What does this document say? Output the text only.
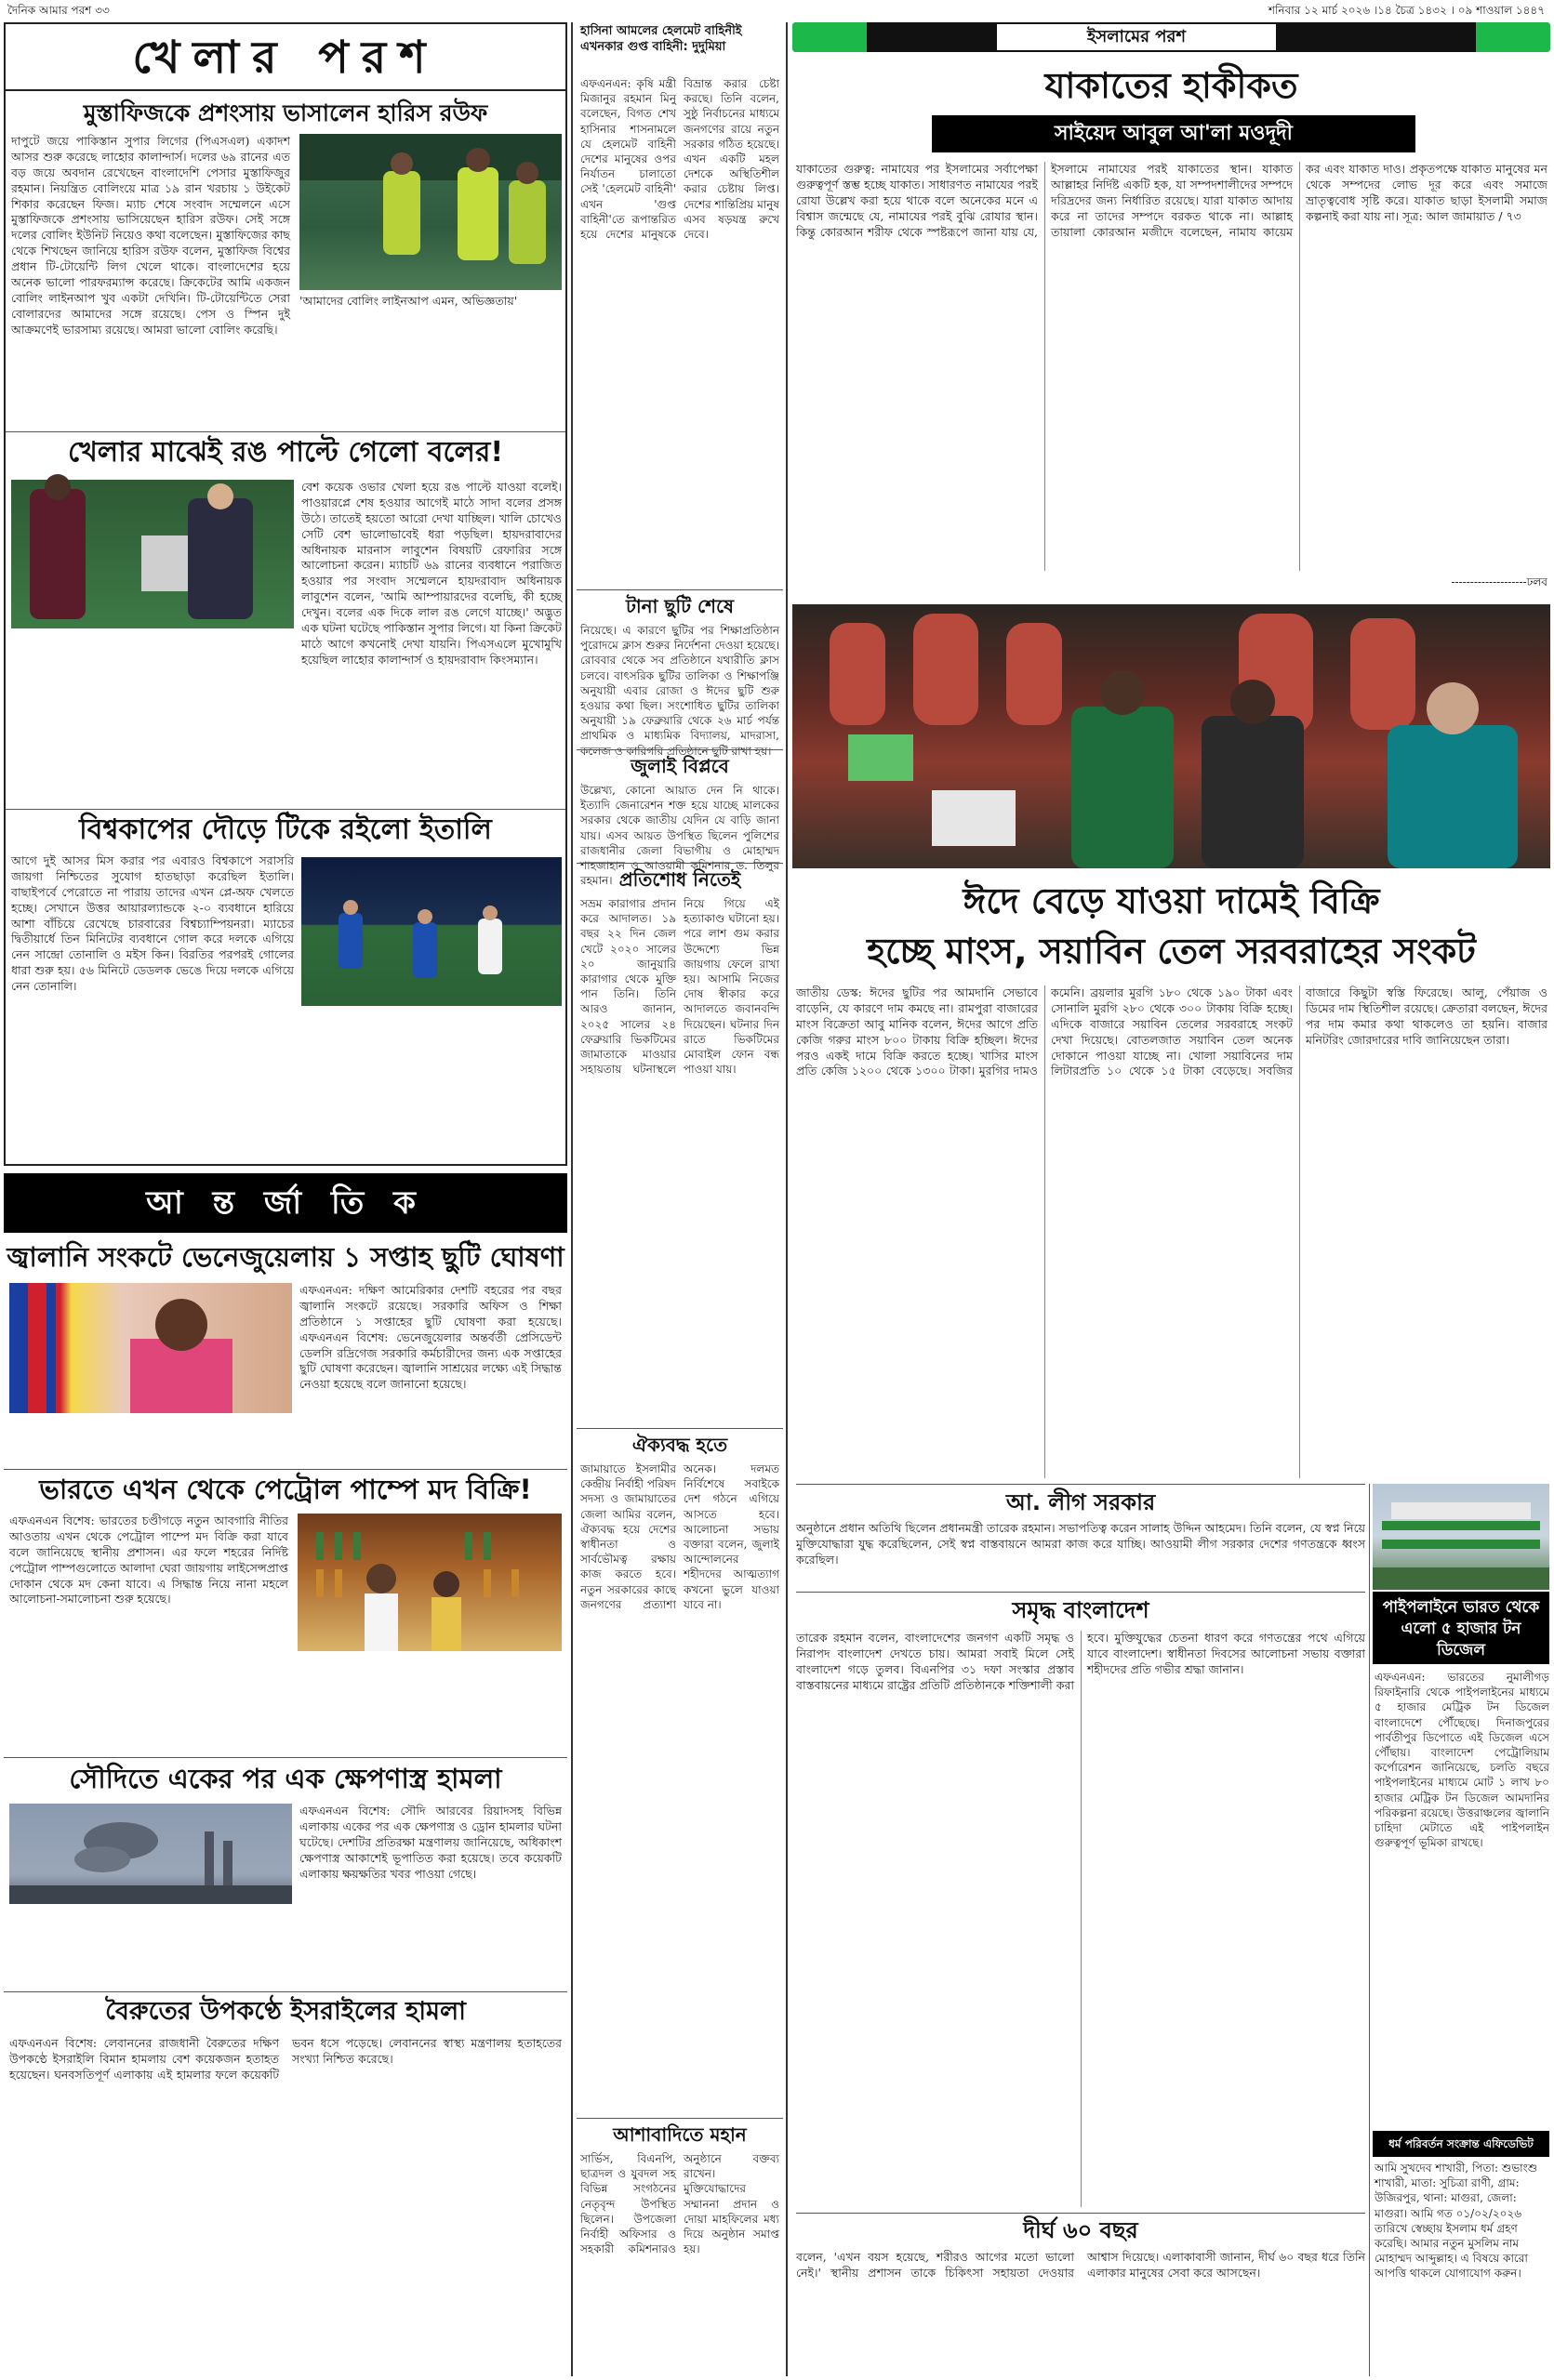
দৈনিক আমার পরশ ৩৩	শনিবার ১২ মার্চ ২০২৬ ।১৪ চৈত্র ১৪৩২ । ০৯ শাওয়াল ১৪৪৭
খেলার পরশ
মুস্তাফিজকে প্রশংসায় ভাসালেন হারিস রউফ
দাপুটে জয়ে পাকিস্তান সুপার লিগের (পিএসএল) একাদশ আসর শুরু করেছে লাহোর কালান্দার্স। দলের ৬৯ রানের এত বড় জয়ে অবদান রেখেছেন বাংলাদেশি পেসার মুস্তাফিজুর রহমান। নিয়ন্ত্রিত বোলিংয়ে মাত্র ১৯ রান খরচায় ১ উইকেট শিকার করেছেন ফিজ। ম্যাচ শেষে সংবাদ সম্মেলনে এসে মুস্তাফিজকে প্রশংসায় ভাসিয়েছেন হারিস রউফ। সেই সঙ্গে দলের বোলিং ইউনিট নিয়েও কথা বলেছেন। মুস্তাফিজের কাছ থেকে শিখছেন জানিয়ে হারিস রউফ বলেন, মুস্তাফিজ বিশ্বের প্রধান টি-টোয়েন্টি লিগ খেলে থাকে। বাংলাদেশের হয়ে অনেক ভালো পারফরম্যান্স করেছে। ক্রিকেটের আমি একজন বোলিং লাইনআপ খুব একটা দেখিনি। টি-টোয়েন্টিতে সেরা বোলারদের আমাদের সঙ্গে রয়েছে। পেস ও স্পিন দুই আক্রমণেই ভারসাম্য রয়েছে। আমরা ভালো বোলিং করেছি।
'আমাদের বোলিং লাইনআপ এমন, অভিজ্ঞতায়'
খেলার মাঝেই রঙ পাল্টে গেলো বলের!
বেশ কয়েক ওভার খেলা হয়ে রঙ পাল্টে যাওয়া বলেই। পাওয়ারপ্লে শেষ হওয়ার আগেই মাঠে সাদা বলের প্রসঙ্গ উঠে। তাতেই হয়তো আরো দেখা যাচ্ছিল। খালি চোখেও সেটি বেশ ভালোভাবেই ধরা পড়ছিল। হায়দরাবাদের অধিনায়ক মারনাস লাবুশেন বিষয়টি রেফারির সঙ্গে আলোচনা করেন। ম্যাচটি ৬৯ রানের ব্যবধানে পরাজিত হওয়ার পর সংবাদ সম্মেলনে হায়দরাবাদ অধিনায়ক লাবুশেন বলেন, 'আমি আম্পায়ারদের বলেছি, কী হচ্ছে দেখুন। বলের এক দিকে লাল রঙ লেগে যাচ্ছে।' অদ্ভুত এক ঘটনা ঘটেছে পাকিস্তান সুপার লিগে। যা কিনা ক্রিকেট মাঠে আগে কখনোই দেখা যায়নি। পিএসএলে মুখোমুখি হয়েছিল লাহোর কালান্দার্স ও হায়দরাবাদ কিংসম্যান।
বিশ্বকাপের দৌড়ে টিকে রইলো ইতালি
আগে দুই আসর মিস করার পর এবারও বিশ্বকাপে সরাসরি জায়গা নিশ্চিতের সুযোগ হাতছাড়া করেছিল ইতালি। বাছাইপর্বে পেরোতে না পারায় তাদের এখন প্লে-অফ খেলতে হচ্ছে। সেখানে উত্তর আয়ারল্যান্ডকে ২-০ ব্যবধানে হারিয়ে আশা বাঁচিয়ে রেখেছে চারবারের বিশ্বচ্যাম্পিয়নরা। ম্যাচের দ্বিতীয়ার্ধে তিন মিনিটের ব্যবধানে গোল করে দলকে এগিয়ে নেন সান্দ্রো তোনালি ও মইস কিন। বিরতির পরপরই গোলের ধারা শুরু হয়। ৫৬ মিনিটে ডেডলক ভেঙে দিয়ে দলকে এগিয়ে নেন তোনালি।
আ ন্ত র্জা তি ক
জ্বালানি সংকটে ভেনেজুয়েলায় ১ সপ্তাহ ছুটি ঘোষণা
এফএনএন: দক্ষিণ আমেরিকার দেশটি বহরের পর বছর জ্বালানি সংকটে রয়েছে। সরকারি অফিস ও শিক্ষা প্রতিষ্ঠানে ১ সপ্তাহের ছুটি ঘোষণা করা হয়েছে। এফএনএন বিশেষ: ভেনেজুয়েলার অন্তর্বর্তী প্রেসিডেন্ট ডেলসি রদ্রিগেজ সরকারি কর্মচারীদের জন্য এক সপ্তাহের ছুটি ঘোষণা করেছেন। জ্বালানি সাশ্রয়ের লক্ষ্যে এই সিদ্ধান্ত নেওয়া হয়েছে বলে জানানো হয়েছে।
ভারতে এখন থেকে পেট্রোল পাম্পে মদ বিক্রি!
এফএনএন বিশেষ: ভারতের চণ্ডীগড়ে নতুন আবগারি নীতির আওতায় এখন থেকে পেট্রোল পাম্পে মদ বিক্রি করা যাবে বলে জানিয়েছে স্থানীয় প্রশাসন। এর ফলে শহরের নির্দিষ্ট পেট্রোল পাম্পগুলোতে আলাদা ঘেরা জায়গায় লাইসেন্সপ্রাপ্ত দোকান থেকে মদ কেনা যাবে। এ সিদ্ধান্ত নিয়ে নানা মহলে আলোচনা-সমালোচনা শুরু হয়েছে।
সৌদিতে একের পর এক ক্ষেপণাস্ত্র হামলা
এফএনএন বিশেষ: সৌদি আরবের রিয়াদসহ বিভিন্ন এলাকায় একের পর এক ক্ষেপণাস্ত্র ও ড্রোন হামলার ঘটনা ঘটেছে। দেশটির প্রতিরক্ষা মন্ত্রণালয় জানিয়েছে, অধিকাংশ ক্ষেপণাস্ত্র আকাশেই ভূপাতিত করা হয়েছে। তবে কয়েকটি এলাকায় ক্ষয়ক্ষতির খবর পাওয়া গেছে।
বৈরুতের উপকণ্ঠে ইসরাইলের হামলা
এফএনএন বিশেষ: লেবাননের রাজধানী বৈরুতের দক্ষিণ উপকণ্ঠে ইসরাইলি বিমান হামলায় বেশ কয়েকজন হতাহত হয়েছেন। ঘনবসতিপূর্ণ এলাকায় এই হামলার ফলে কয়েকটি ভবন ধসে পড়েছে। লেবাননের স্বাস্থ্য মন্ত্রণালয় হতাহতের সংখ্যা নিশ্চিত করেছে।
হাসিনা আমলের হেলমেট বাহিনীই এখনকার গুপ্ত বাহিনী: দুদুমিয়া
এফএনএন: কৃষি মন্ত্রী মিজানুর রহমান মিনু বলেছেন, বিগত শেখ হাসিনার শাসনামলে যে হেলমেট বাহিনী দেশের মানুষের ওপর নির্যাতন চালাতো সেই 'হেলমেট বাহিনী' এখন 'গুপ্ত বাহিনী'তে রূপান্তরিত হয়ে দেশের মানুষকে বিভ্রান্ত করার চেষ্টা করছে। তিনি বলেন, সুষ্ঠু নির্বাচনের মাধ্যমে জনগণের রায়ে নতুন সরকার গঠিত হয়েছে। এখন একটি মহল দেশকে অস্থিতিশীল করার চেষ্টায় লিপ্ত। দেশের শান্তিপ্রিয় মানুষ এসব ষড়যন্ত্র রুখে দেবে।
টানা ছুটি শেষে
নিয়েছে। এ কারণে ছুটির পর শিক্ষাপ্রতিষ্ঠান পুরোদমে ক্লাস শুরুর নির্দেশনা দেওয়া হয়েছে। রোববার থেকে সব প্রতিষ্ঠানে যথারীতি ক্লাস চলবে। বাৎসরিক ছুটির তালিকা ও শিক্ষাপঞ্জি অনুযায়ী এবার রোজা ও ঈদের ছুটি শুরু হওয়ার কথা ছিল। সংশোধিত ছুটির তালিকা অনুযায়ী ১৯ ফেব্রুয়ারি থেকে ২৬ মার্চ পর্যন্ত প্রাথমিক ও মাধ্যমিক বিদ্যালয়, মাদরাসা, কলেজ ও কারিগরি প্রতিষ্ঠানে ছুটি রাখা হয়।
জুলাই বিপ্লবে
উল্লেখ্য, কোনো আয়াত দেন নি থাকে। ইত্যাদি জেনারেশন শক্ত হয়ে যাচ্ছে মালকের সরকার থেকে জাতীয় যেদিন যে বাড়ি জানা যায়। এসব আয়ত উপস্থিত ছিলেন পুলিশের রাজধানীর জেলা বিভাগীয় ও মোহাম্মদ শাহজাহান ও আওয়ামী কমিশনার ড. তিলুর রহমান। প্রতিশোধ নিতেই
সভ্রম কারাগার প্রদান করে আদালত। ১৯ বছর ২২ দিন জেল খেটে ২০২০ সালের ২০ জানুয়ারি কারাগার থেকে মুক্তি পান তিনি। তিনি আরও জানান, ২০২৫ সালের ২৪ ফেব্রুয়ারি ভিকটিমের জামাতাকে মাওয়ার সহায়তায় ঘটনাস্থলে নিয়ে গিয়ে এই হত্যাকাণ্ড ঘটানো হয়। পরে লাশ গুম করার উদ্দেশ্যে ভিন্ন জায়গায় ফেলে রাখা হয়। আসামি নিজের দোষ স্বীকার করে আদালতে জবানবন্দি দিয়েছেন। ঘটনার দিন রাতে ভিকটিমের মোবাইল ফোন বন্ধ পাওয়া যায়।
ঐক্যবদ্ধ হতে
জামায়াতে ইসলামীর কেন্দ্রীয় নির্বাহী পরিষদ সদস্য ও জামায়াতের জেলা আমির বলেন, ঐক্যবদ্ধ হয়ে দেশের স্বাধীনতা ও সার্বভৌমত্ব রক্ষায় কাজ করতে হবে। নতুন সরকারের কাছে জনগণের প্রত্যাশা অনেক। দলমত নির্বিশেষে সবাইকে দেশ গঠনে এগিয়ে আসতে হবে। আলোচনা সভায় বক্তারা বলেন, জুলাই আন্দোলনের শহীদদের আত্মত্যাগ কখনো ভুলে যাওয়া যাবে না।
আশাবাদিতে মহান
সার্ভিস, বিএনপি, ছাত্রদল ও যুবদল সহ বিভিন্ন সংগঠনের নেতৃবৃন্দ উপস্থিত ছিলেন। উপজেলা নির্বাহী অফিসার ও সহকারী কমিশনারও অনুষ্ঠানে বক্তব্য রাখেন। মুক্তিযোদ্ধাদের সম্মাননা প্রদান ও দোয়া মাহফিলের মধ্য দিয়ে অনুষ্ঠান সমাপ্ত হয়।
ইসলামের পরশ
যাকাতের হাকীকত
সাইয়েদ আবুল আ'লা মওদূদী
যাকাতের গুরুত্ব: নামাযের পর ইসলামের সর্বাপেক্ষা গুরুত্বপূর্ণ স্তম্ভ হচ্ছে যাকাত। সাধারণত নামাযের পরই রোযা উল্লেখ করা হয়ে থাকে বলে অনেকের মনে এ বিশ্বাস জন্মেছে যে, নামাযের পরই বুঝি রোযার স্থান। কিন্তু কোরআন শরীফ থেকে স্পষ্টরূপে জানা যায় যে, ইসলামে নামাযের পরই যাকাতের স্থান। যাকাত আল্লাহর নির্দিষ্ট একটি হক, যা সম্পদশালীদের সম্পদে দরিদ্রদের জন্য নির্ধারিত রয়েছে। যারা যাকাত আদায় করে না তাদের সম্পদে বরকত থাকে না। আল্লাহ তায়ালা কোরআন মজীদে বলেছেন, নামায কায়েম কর এবং যাকাত দাও। প্রকৃতপক্ষে যাকাত মানুষের মন থেকে সম্পদের লোভ দূর করে এবং সমাজে ভ্রাতৃত্ববোধ সৃষ্টি করে। যাকাত ছাড়া ইসলামী সমাজ কল্পনাই করা যায় না। সূত্র: আল জামায়াত / ৭৩
--------------------ঢলব
ঈদে বেড়ে যাওয়া দামেই বিক্রি
হচ্ছে মাংস, সয়াবিন তেল সরবরাহের সংকট
জাতীয় ডেস্ক: ঈদের ছুটির পর আমদানি সেভাবে বাড়েনি, যে কারণে দাম কমছে না। রামপুরা বাজারের মাংস বিক্রেতা আবু মানিক বলেন, ঈদের আগে প্রতি কেজি গরুর মাংস ৮০০ টাকায় বিক্রি হচ্ছিল। ঈদের পরও একই দামে বিক্রি করতে হচ্ছে। খাসির মাংস প্রতি কেজি ১২০০ থেকে ১৩০০ টাকা। মুরগির দামও কমেনি। ব্রয়লার মুরগি ১৮০ থেকে ১৯০ টাকা এবং সোনালি মুরগি ২৮০ থেকে ৩০০ টাকায় বিক্রি হচ্ছে। এদিকে বাজারে সয়াবিন তেলের সরবরাহে সংকট দেখা দিয়েছে। বোতলজাত সয়াবিন তেল অনেক দোকানে পাওয়া যাচ্ছে না। খোলা সয়াবিনের দাম লিটারপ্রতি ১০ থেকে ১৫ টাকা বেড়েছে। সবজির বাজারে কিছুটা স্বস্তি ফিরেছে। আলু, পেঁয়াজ ও ডিমের দাম স্থিতিশীল রয়েছে। ক্রেতারা বলছেন, ঈদের পর দাম কমার কথা থাকলেও তা হয়নি। বাজার মনিটরিং জোরদারের দাবি জানিয়েছেন তারা।
পাইপলাইনে ভারত থেকে এলো ৫ হাজার টন ডিজেল
এফএনএন: ভারতের নুমালীগড় রিফাইনারি থেকে পাইপলাইনের মাধ্যমে ৫ হাজার মেট্রিক টন ডিজেল বাংলাদেশে পৌঁছেছে। দিনাজপুরের পার্বতীপুর ডিপোতে এই ডিজেল এসে পৌঁছায়। বাংলাদেশ পেট্রোলিয়াম কর্পোরেশন জানিয়েছে, চলতি বছরে পাইপলাইনের মাধ্যমে মোট ১ লাখ ৮০ হাজার মেট্রিক টন ডিজেল আমদানির পরিকল্পনা রয়েছে। উত্তরাঞ্চলের জ্বালানি চাহিদা মেটাতে এই পাইপলাইন গুরুত্বপূর্ণ ভূমিকা রাখছে।
ধর্ম পরিবর্তন সংক্রান্ত এফিডেভিট
আমি সুখদেব শাখারী, পিতা: শুভাংশু শাখারী, মাতা: সুচিত্রা রাণী, গ্রাম: উজিরপুর, থানা: মাগুরা, জেলা: মাগুরা। আমি গত ০১/০২/২০২৬ তারিখে স্বেচ্ছায় ইসলাম ধর্ম গ্রহণ করেছি। আমার নতুন মুসলিম নাম মোহাম্মদ আব্দুল্লাহ। এ বিষয়ে কারো আপত্তি থাকলে যোগাযোগ করুন।
আ. লীগ সরকার
অনুষ্ঠানে প্রধান অতিথি ছিলেন প্রধানমন্ত্রী তারেক রহমান। সভাপতিত্ব করেন সালাহ উদ্দিন আহমেদ। তিনি বলেন, যে স্বপ্ন নিয়ে মুক্তিযোদ্ধারা যুদ্ধ করেছিলেন, সেই স্বপ্ন বাস্তবায়নে আমরা কাজ করে যাচ্ছি। আওয়ামী লীগ সরকার দেশের গণতন্ত্রকে ধ্বংস করেছিল।
সমৃদ্ধ বাংলাদেশ
তারেক রহমান বলেন, বাংলাদেশের জনগণ একটি সমৃদ্ধ ও নিরাপদ বাংলাদেশ দেখতে চায়। আমরা সবাই মিলে সেই বাংলাদেশ গড়ে তুলব। বিএনপির ৩১ দফা সংস্কার প্রস্তাব বাস্তবায়নের মাধ্যমে রাষ্ট্রের প্রতিটি প্রতিষ্ঠানকে শক্তিশালী করা হবে। মুক্তিযুদ্ধের চেতনা ধারণ করে গণতন্ত্রের পথে এগিয়ে যাবে বাংলাদেশ। স্বাধীনতা দিবসের আলোচনা সভায় বক্তারা শহীদদের প্রতি গভীর শ্রদ্ধা জানান।
দীর্ঘ ৬০ বছর
বলেন, 'এখন বয়স হয়েছে, শরীরও আগের মতো ভালো নেই।' স্থানীয় প্রশাসন তাকে চিকিৎসা সহায়তা দেওয়ার আশ্বাস দিয়েছে। এলাকাবাসী জানান, দীর্ঘ ৬০ বছর ধরে তিনি এলাকার মানুষের সেবা করে আসছেন।
